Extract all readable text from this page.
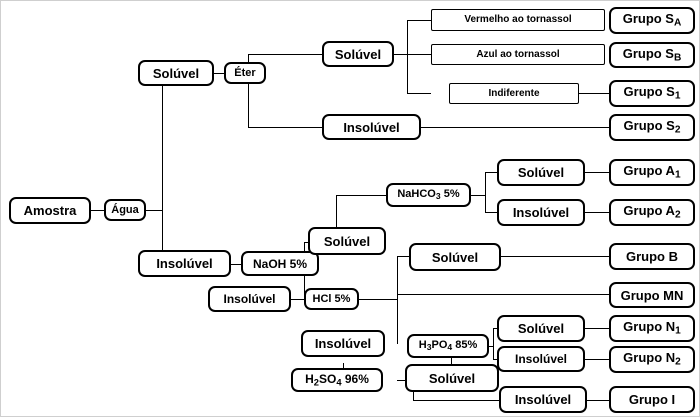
Amostra	Água
Solúvel
Insolúvel
Éter
Solúvel
Insolúvel
Vermelho ao tornassol
Azul ao tornassol
Indiferente
Grupo $S_A$
Grupo $S_B$
Grupo $S_1$
Grupo $S_2$
NaOH 5%
Solúvel
Insolúvel
NaHCO$_3$ 5%
Solúvel
Insolúvel
Grupo $A_1$
Grupo $A_2$
HCl 5%
Solúvel
Insolúvel
Grupo B
Grupo MN
$H_3PO_4$ 85%
Solúvel
Insolúvel
Grupo $N_1$
Grupo $N_2$
$H_2SO_4$ 96%	Solúvel
Insolúvel	Grupo I
